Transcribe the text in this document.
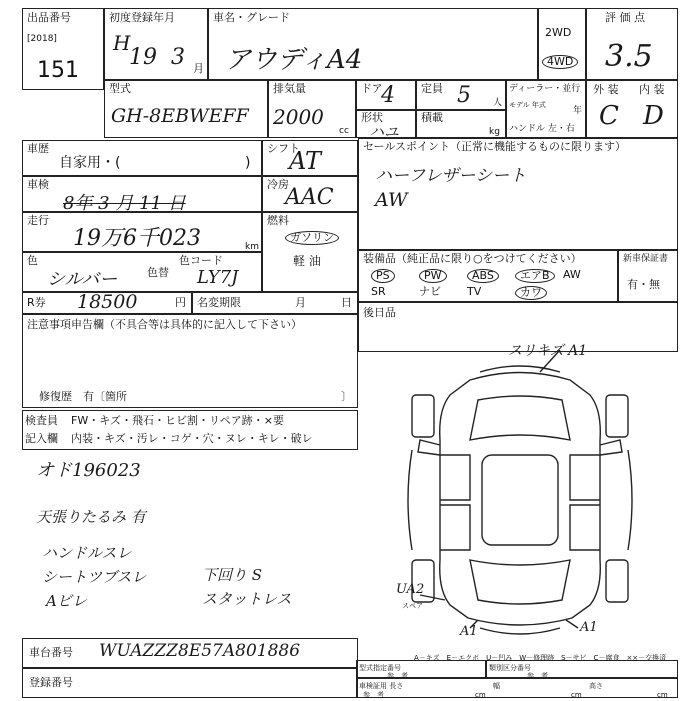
出品番号
[2018]
151
初度登録年月
H
19 3 月
車名・グレード
アウディA4
2WD
4WD
評 価 点
3.5
型式
GH-8EBWEFF
排気量
2000
cc
ドア
4
形状
ハユ
定員 5 人
積載
kg
ディーラー・並行
モデル 年式
年
ハンドル 左・右
外 装 内 装
C D
車歴
自家用・(	)
車検
8年 3 月 11 日
走行
19万6千023	km
色
シルバー	色替
色コード
LY7J
シフト
AT
冷房
AAC
燃料
ガソリン
軽 油
R券 18500	円 名変期限	月	日
セールスポイント（正常に機能するものに限ります）
ハーフレザーシート
AW
装備品（純正品に限り○をつけてください）
PS	PW	ABS	エアB	AW
SR	ナビ TV	カワ
新車保証書
有・無
注意事項申告欄（不具合等は具体的に記入して下さい）
修復歴　有〔箇所	〕
後日品
検査員
記入欄
FW・キズ・飛石・ヒビ割・リペア跡・×要
内装・キズ・汚レ・コゲ・穴・ヌレ・キレ・破レ
オド196023
天張りたるみ 有
ハンドルスレ
シートツブスレ
Aビレ
下回り S
スタットレス
スリキズ A1
UA2
スペア
A1	A1
A－キズ　E－エクボ　U－凹み　W－修理跡　S－サビ　C－腐食　××－交換済
車台番号 WUAZZZ8E57A801886
登録番号
型式指定番号
参　考
類別区分番号
参　考
車検証用 長さ
参　考	cm
幅
cm
高さ
cm
